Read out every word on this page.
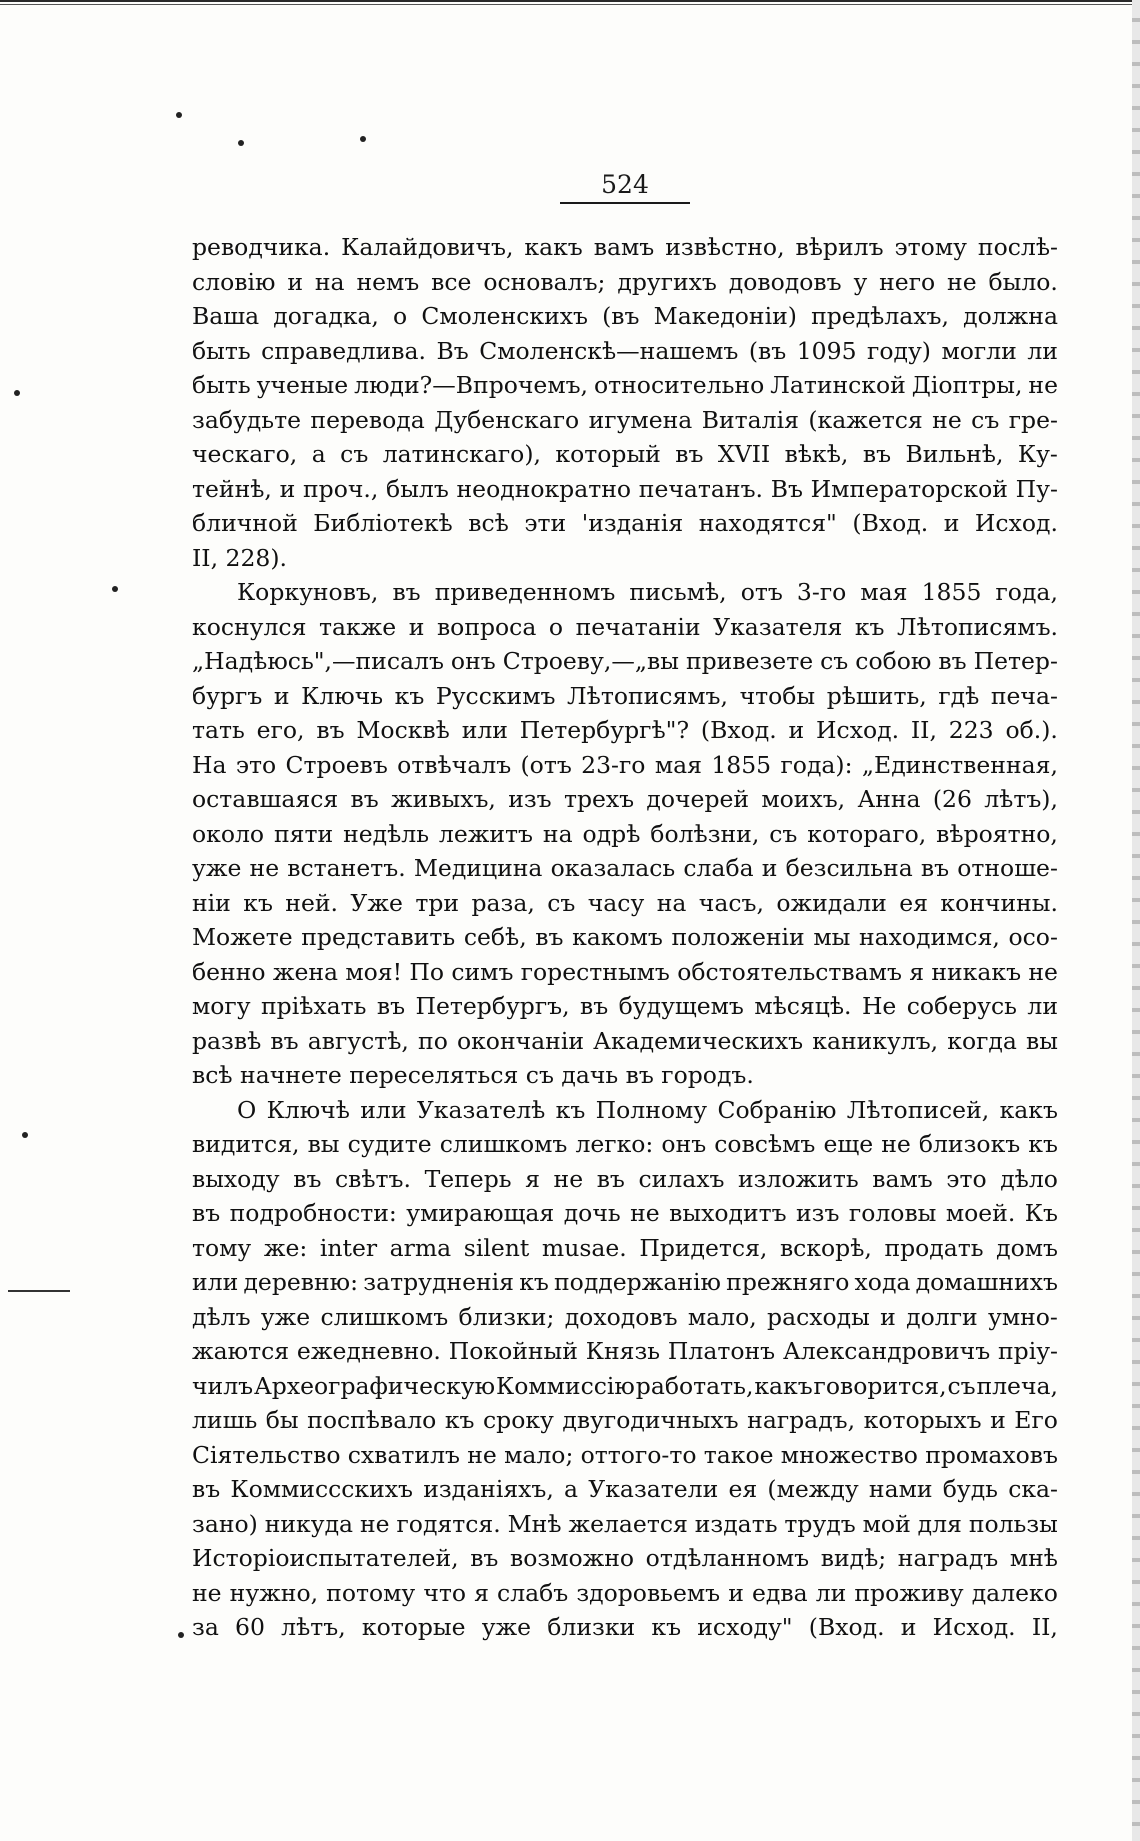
524
реводчика. Калайдовичъ, какъ вамъ извѣстно, вѣрилъ этому послѣ-
словію и на немъ все основалъ; другихъ доводовъ у него не было.
Ваша догадка, о Смоленскихъ (въ Македоніи) предѣлахъ, должна
быть справедлива. Въ Смоленскѣ—нашемъ (въ 1095 году) могли ли
быть ученые люди?—Впрочемъ, относительно Латинской Діоптры, не
забудьте перевода Дубенскаго игумена Виталія (кажется не съ гре-
ческаго, а съ латинскаго), который въ XVII вѣкѣ, въ Вильнѣ, Ку-
тейнѣ, и проч., былъ неоднократно печатанъ. Въ Императорской Пу-
бличной Библіотекѣ всѣ эти 'изданія находятся" (Вход. и Исход.
II, 228).
Коркуновъ, въ приведенномъ письмѣ, отъ 3-го мая 1855 года,
коснулся также и вопроса о печатаніи Указателя къ Лѣтописямъ.
„Надѣюсь",—писалъ онъ Строеву,—„вы привезете съ собою въ Петер-
бургъ и Ключь къ Русскимъ Лѣтописямъ, чтобы рѣшить, гдѣ печа-
тать его, въ Москвѣ или Петербургѣ"? (Вход. и Исход. II, 223 об.).
На это Строевъ отвѣчалъ (отъ 23-го мая 1855 года): „Единственная,
оставшаяся въ живыхъ, изъ трехъ дочерей моихъ, Анна (26 лѣтъ),
около пяти недѣль лежитъ на одрѣ болѣзни, съ котораго, вѣроятно,
уже не встанетъ. Медицина оказалась слаба и безсильна въ отноше-
ніи къ ней. Уже три раза, съ часу на часъ, ожидали ея кончины.
Можете представить себѣ, въ какомъ положеніи мы находимся, осо-
бенно жена моя! По симъ горестнымъ обстоятельствамъ я никакъ не
могу пріѣхать въ Петербургъ, въ будущемъ мѣсяцѣ. Не соберусь ли
развѣ въ августѣ, по окончаніи Академическихъ каникулъ, когда вы
всѣ начнете переселяться съ дачь въ городъ.
О Ключѣ или Указателѣ къ Полному Собранію Лѣтописей, какъ
видится, вы судите слишкомъ легко: онъ совсѣмъ еще не близокъ къ
выходу въ свѣтъ. Теперь я не въ силахъ изложить вамъ это дѣло
въ подробности: умирающая дочь не выходитъ изъ головы моей. Къ
тому же: inter arma silent musae. Придется, вскорѣ, продать домъ
или деревню: затрудненія къ поддержанію прежняго хода домашнихъ
дѣлъ уже слишкомъ близки; доходовъ мало, расходы и долги умно-
жаются ежедневно. Покойный Князь Платонъ Александровичъ пріу-
чилъ Археографическую Коммиссію работать, какъ говорится, съ плеча,
лишь бы поспѣвало къ сроку двугодичныхъ наградъ, которыхъ и Его
Сіятельство схватилъ не мало; оттого-то такое множество промаховъ
въ Коммиссскихъ изданіяхъ, а Указатели ея (между нами будь ска-
зано) никуда не годятся. Мнѣ желается издать трудъ мой для пользы
Исторіоиспытателей, въ возможно отдѣланномъ видѣ; наградъ мнѣ
не нужно, потому что я слабъ здоровьемъ и едва ли проживу далеко
за 60 лѣтъ, которые уже близки къ исходу" (Вход. и Исход. II,
